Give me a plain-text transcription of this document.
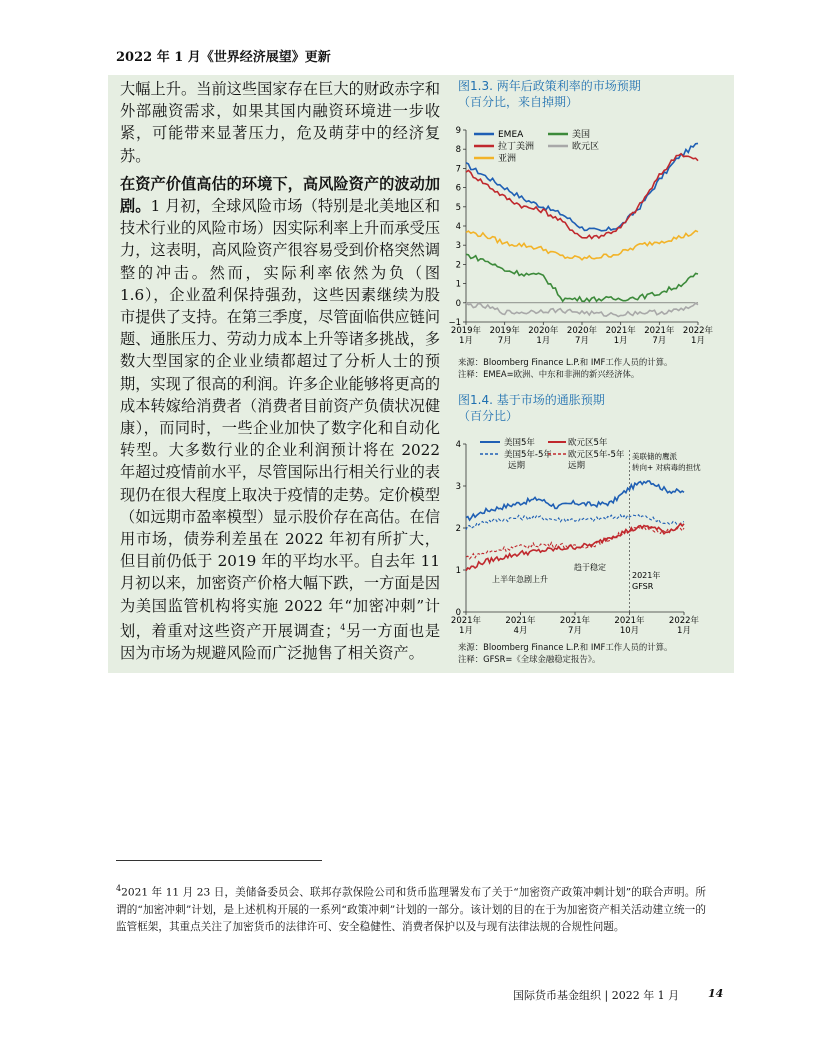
2022 年 1 月《世界经济展望》更新

大幅上升。当前这些国家存在巨大的财政赤字和外部融资需求，如果其国内融资环境进一步收紧，可能带来显著压力，危及萌芽中的经济复苏。

在资产价值高估的环境下，高风险资产的波动加剧。1 月初，全球风险市场（特别是北美地区和技术行业的风险市场）因实际利率上升而承受压力，这表明，高风险资产很容易受到价格突然调整的冲击。然而，实际利率依然为负（图 1.6），企业盈利保持强劲，这些因素继续为股市提供了支持。在第三季度，尽管面临供应链问题、通胀压力、劳动力成本上升等诸多挑战，多数大型国家的企业业绩都超过了分析人士的预期，实现了很高的利润。许多企业能够将更高的成本转嫁给消费者（消费者目前资产负债状况健康），而同时，一些企业加快了数字化和自动化转型。大多数行业的企业利润预计将在 2022 年超过疫情前水平，尽管国际出行相关行业的表现仍在很大程度上取决于疫情的走势。定价模型（如远期市盈率模型）显示股价存在高估。在信用市场，债券利差虽在 2022 年初有所扩大，但目前仍低于 2019 年的平均水平。自去年 11 月初以来，加密资产价格大幅下跌，一方面是因为美国监管机构将实施 2022 年“加密冲刺”计划，着重对这些资产开展调查；$^4$另一方面也是因为市场为规避风险而广泛抛售了相关资产。

图1.3. 两年后政策利率的市场预期
（百分比，来自掉期）
EMEA	美国
拉丁美洲	欧元区
亚洲
9
8
7
6
5
4
3
2
1
0
−1
2019年
1月
2019年
7月
2020年
1月
2020年
7月
2021年
1月
2021年
7月
2022年
1月
来源：Bloomberg Finance L.P.和 IMF工作人员的计算。
注释：EMEA=欧洲、中东和非洲的新兴经济体。
图1.4. 基于市场的通胀预期
（百分比）
美国5年	欧元区5年
美国5年-5年
远期
欧元区5年-5年
远期
美联储的鹰派
转向+ 对病毒的担忧
趋于稳定
上半年急剧上升	2021年
GFSR
4
3
2
1
0
2021年
1月
2021年
4月
2021年
7月
2021年
10月
2022年
1月
来源：Bloomberg Finance L.P.和 IMF工作人员的计算。
注释：GFSR=《全球金融稳定报告》。
$^4$2021 年 11 月 23 日，美储备委员会、联邦存款保险公司和货币监理署发布了关于“加密资产政策冲刺计划”的联合声明。所谓的“加密冲刺”计划，是上述机构开展的一系列“政策冲刺”计划的一部分。该计划的目的在于为加密资产相关活动建立统一的监管框架，其重点关注了加密货币的法律许可、安全稳健性、消费者保护以及与现有法律法规的合规性问题。
国际货币基金组织 | 2022 年 1 月	14
